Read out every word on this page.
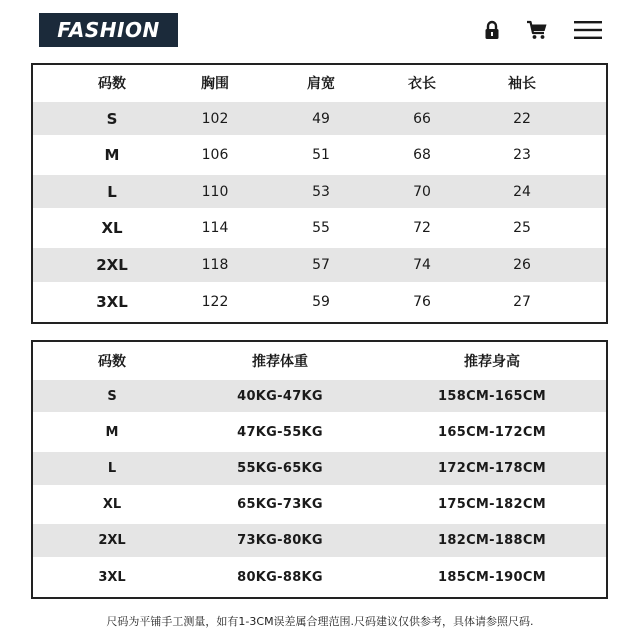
FASHION
码数	胸围	肩宽	衣长	袖长
S	102	49	66	22
M	106	51	68	23
L	110	53	70	24
XL	114	55	72	25
2XL	118	57	74	26
3XL	122	59	76	27
码数	推荐体重	推荐身高
S	40KG-47KG	158CM-165CM
M	47KG-55KG	165CM-172CM
L	55KG-65KG	172CM-178CM
XL	65KG-73KG	175CM-182CM
2XL	73KG-80KG	182CM-188CM
3XL	80KG-88KG	185CM-190CM
尺码为平铺手工测量，如有1-3CM误差属合理范围.尺码建议仅供参考，具体请参照尺码.
